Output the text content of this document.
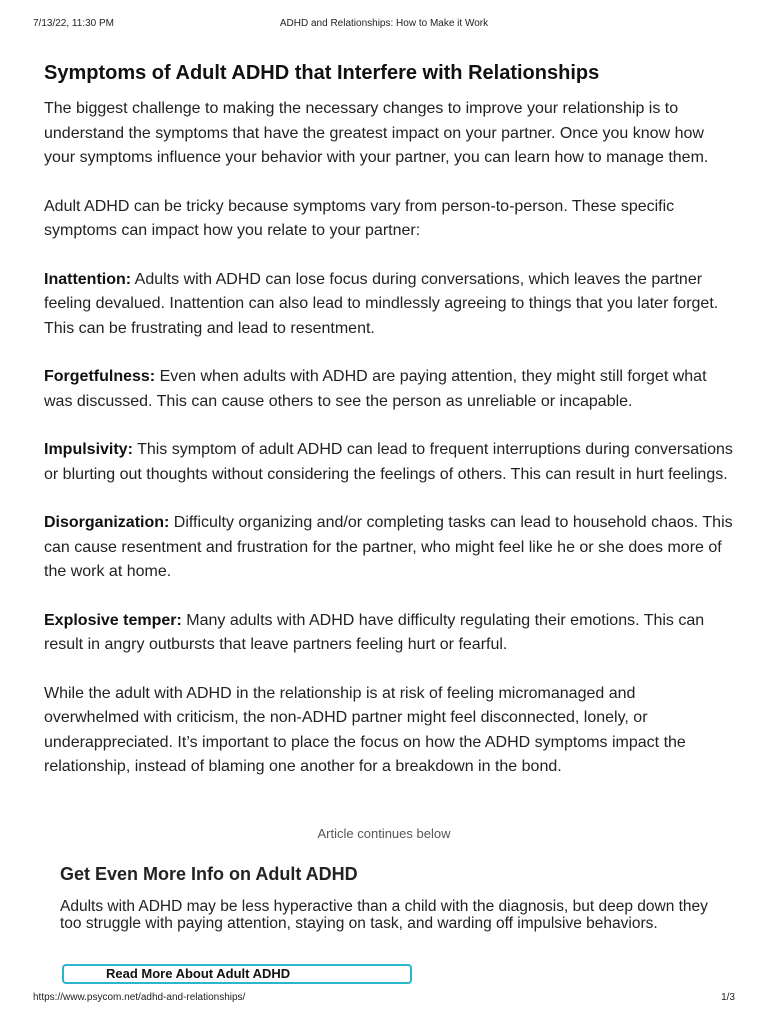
7/13/22, 11:30 PM	ADHD and Relationships: How to Make it Work
Symptoms of Adult ADHD that Interfere with Relationships

The biggest challenge to making the necessary changes to improve your relationship is to understand the symptoms that have the greatest impact on your partner. Once you know how your symptoms influence your behavior with your partner, you can learn how to manage them.

Adult ADHD can be tricky because symptoms vary from person-to-person. These specific symptoms can impact how you relate to your partner:

Inattention: Adults with ADHD can lose focus during conversations, which leaves the partner feeling devalued. Inattention can also lead to mindlessly agreeing to things that you later forget. This can be frustrating and lead to resentment.

Forgetfulness: Even when adults with ADHD are paying attention, they might still forget what was discussed. This can cause others to see the person as unreliable or incapable.

Impulsivity: This symptom of adult ADHD can lead to frequent interruptions during conversations or blurting out thoughts without considering the feelings of others. This can result in hurt feelings.

Disorganization: Difficulty organizing and/or completing tasks can lead to household chaos. This can cause resentment and frustration for the partner, who might feel like he or she does more of the work at home.

Explosive temper: Many adults with ADHD have difficulty regulating their emotions. This can result in angry outbursts that leave partners feeling hurt or fearful.

While the adult with ADHD in the relationship is at risk of feeling micromanaged and overwhelmed with criticism, the non-ADHD partner might feel disconnected, lonely, or underappreciated. It’s important to place the focus on how the ADHD symptoms impact the relationship, instead of blaming one another for a breakdown in the bond.

Article continues below
Get Even More Info on Adult ADHD

Adults with ADHD may be less hyperactive than a child with the diagnosis, but deep down they too struggle with paying attention, staying on task, and warding off impulsive behaviors.

Read More About Adult ADHD
https://www.psycom.net/adhd-and-relationships/	1/3
